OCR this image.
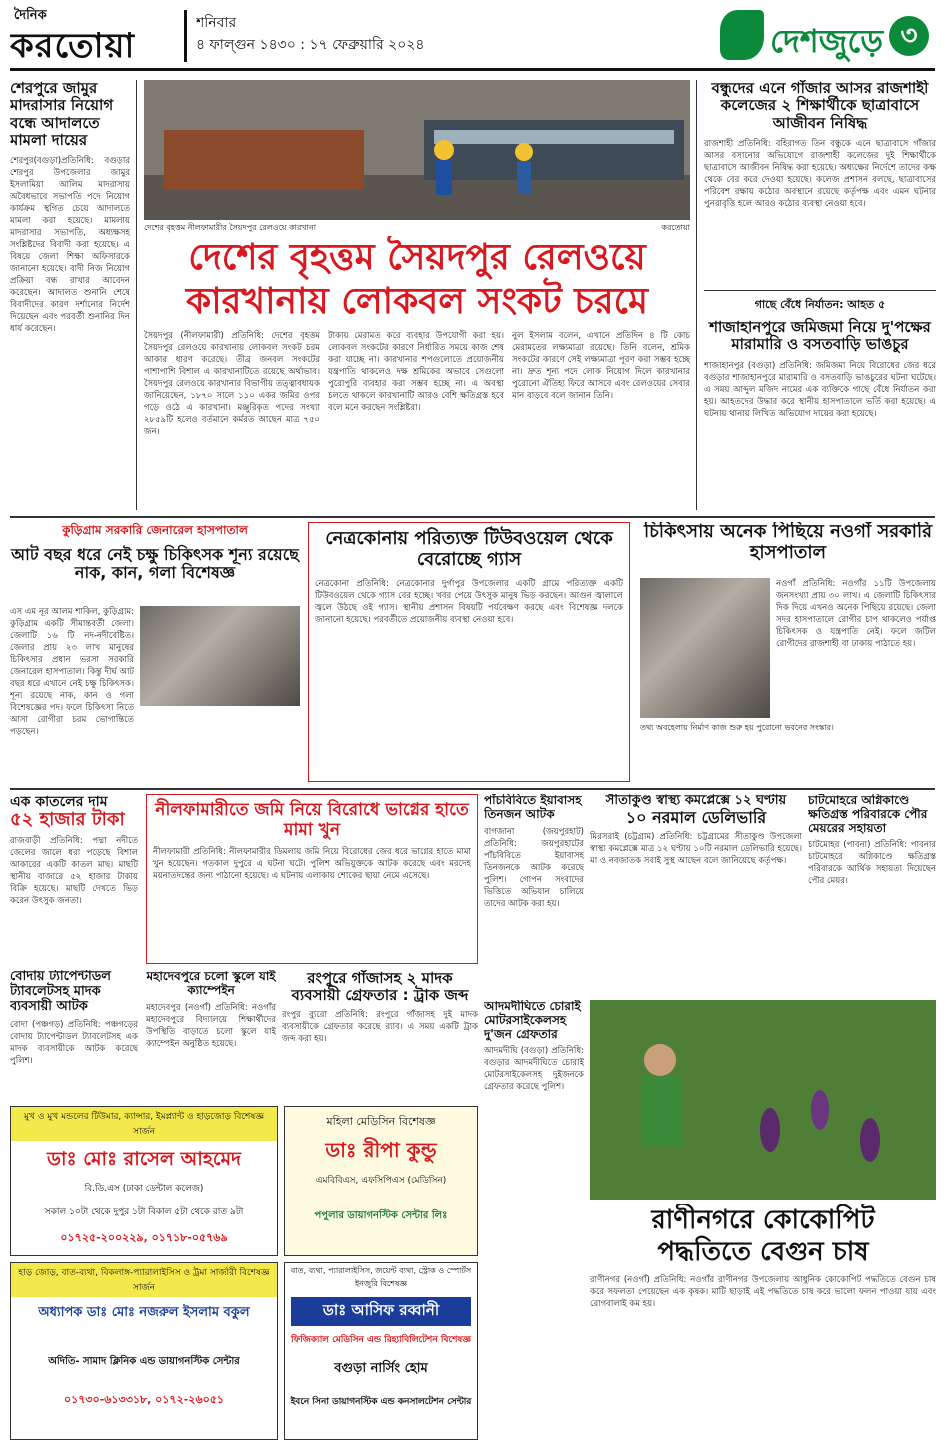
দৈনিক
করতোয়া
শনিবার
৪ ফাল্গুন ১৪৩০ : ১৭ ফেব্রুয়ারি ২০২৪	দেশজুড়ে ৩
শেরপুরে জামুর মাদরাসার নিয়োগ বন্ধে আদালতে মামলা দায়ের
শেরপুর(বগুড়া)প্রতিনিধি: বগুড়ার শেরপুর উপজেলার জামুর ইসলামিয়া আলিম মাদরাসায় অবৈধভাবে সভাপতি পদে নিয়োগ কার্যক্রম স্থগিত চেয়ে আদালতে মামলা করা হয়েছে। মামলায় মাদরাসার সভাপতি, অধ্যক্ষসহ সংশ্লিষ্টদের বিবাদী করা হয়েছে। এ বিষয়ে জেলা শিক্ষা অফিসারকে জানানো হয়েছে। বাদী নিজ নিয়োগ প্রক্রিয়া বন্ধ রাখার আবেদন করেছেন। আদালত শুনানি শেষে বিবাদীদের কারণ দর্শানোর নির্দেশ দিয়েছেন এবং পরবর্তী শুনানির দিন ধার্য করেছেন।
দেশের বৃহত্তম নীলফামারীর সৈয়দপুর রেলওয়ে কারখানা	করতোয়া
দেশের বৃহত্তম সৈয়দপুর রেলওয়ে
কারখানায় লোকবল সংকট চরমে
সৈয়দপুর (নীলফামারী) প্রতিনিধি: দেশের বৃহত্তম সৈয়দপুর রেলওয়ে কারখানায় লোকবল সংকট চরম আকার ধারণ করেছে। তীব্র জনবল সংকটের পাশাপাশি বিশাল এ কারখানাটিতে রয়েছে অর্থাভাব। সৈয়দপুর রেলওয়ে কারখানার বিভাগীয় তত্ত্বাবধায়ক জানিয়েছেন, ১৮৭০ সালে ১১০ একর জমির ওপর গড়ে ওঠে এ কারখানা। মঞ্জুরিকৃত পদের সংখ্যা ২৮৫৯টি হলেও বর্তমানে কর্মরত আছেন মাত্র ৭৫০ জন।
টাকায় মেরামত করে ব্যবহার উপযোগী করা হয়। লোকবল সংকটের কারণে নির্ধারিত সময়ে কাজ শেষ করা যাচ্ছে না। কারখানার শপগুলোতে প্রয়োজনীয় যন্ত্রপাতি থাকলেও দক্ষ শ্রমিকের অভাবে সেগুলো পুরোপুরি ব্যবহার করা সম্ভব হচ্ছে না। এ অবস্থা চলতে থাকলে কারখানাটি আরও বেশি ক্ষতিগ্রস্ত হবে বলে মনে করছেন সংশ্লিষ্টরা।
নুল ইসলাম বলেন, এখানে প্রতিদিন ৪ টি কোচ মেরামতের লক্ষ্যমাত্রা রয়েছে। তিনি বলেন, শ্রমিক সংকটের কারণে সেই লক্ষ্যমাত্রা পূরণ করা সম্ভব হচ্ছে না। দ্রুত শূন্য পদে লোক নিয়োগ দিলে কারখানার পুরোনো ঐতিহ্য ফিরে আসবে এবং রেলওয়ের সেবার মান বাড়বে বলে জানান তিনি।
বন্ধুদের এনে গাঁজার আসর রাজশাহী কলেজের ২ শিক্ষার্থীকে ছাত্রাবাসে আজীবন নিষিদ্ধ
রাজশাহী প্রতিনিধি: বহিরাগত তিন বন্ধুকে এনে ছাত্রাবাসে গাঁজার আসর বসানোর অভিযোগে রাজশাহী কলেজের দুই শিক্ষার্থীকে ছাত্রাবাসে আজীবন নিষিদ্ধ করা হয়েছে। অধ্যক্ষের নির্দেশে তাদের কক্ষ থেকে বের করে দেওয়া হয়েছে। কলেজ প্রশাসন বলছে, ছাত্রাবাসের পরিবেশ রক্ষায় কঠোর অবস্থানে রয়েছে কর্তৃপক্ষ এবং এমন ঘটনার পুনরাবৃত্তি হলে আরও কঠোর ব্যবস্থা নেওয়া হবে।
গাছে বেঁধে নির্যাতন: আহত ৫
শাজাহানপুরে জমিজমা নিয়ে দু'পক্ষের মারামারি ও বসতবাড়ি ভাঙচুর
শাজাহানপুর (বগুড়া) প্রতিনিধি: জমিজমা নিয়ে বিরোধের জের ধরে বগুড়ার শাজাহানপুরে মারামারি ও বসতবাড়ি ভাঙচুরের ঘটনা ঘটেছে। এ সময় আব্দুল মজিদ নামের এক ব্যক্তিকে গাছে বেঁধে নির্যাতন করা হয়। আহতদের উদ্ধার করে স্থানীয় হাসপাতালে ভর্তি করা হয়েছে। এ ঘটনায় থানায় লিখিত অভিযোগ দায়ের করা হয়েছে।
কুড়িগ্রাম সরকারি জেনারেল হাসপাতাল
আট বছর ধরে নেই চক্ষু চিকিৎসক শূন্য রয়েছে নাক, কান, গলা বিশেষজ্ঞ
এস এম নূর আলম শাকিল, কুড়িগ্রাম: কুড়িগ্রাম একটি সীমান্তবর্তী জেলা। জেলাটি ১৬ টি নদ-নদীবেষ্টিত। জেলার প্রায় ২৩ লাখ মানুষের চিকিৎসার প্রধান ভরসা সরকারি জেনারেল হাসপাতাল। কিন্তু দীর্ঘ আট বছর ধরে এখানে নেই চক্ষু চিকিৎসক। শূন্য রয়েছে নাক, কান ও গলা বিশেষজ্ঞের পদ। ফলে চিকিৎসা নিতে আসা রোগীরা চরম ভোগান্তিতে পড়ছেন।
নেত্রকোনায় পরিত্যক্ত টিউবওয়েল থেকে বেরোচ্ছে গ্যাস
নেত্রকোনা প্রতিনিধি: নেত্রকোনার দুর্গাপুর উপজেলার একটি গ্রামে পরিত্যক্ত একটি টিউবওয়েল থেকে গ্যাস বের হচ্ছে। খবর পেয়ে উৎসুক মানুষ ভিড় করছেন। আগুন জ্বালালে জ্বলে উঠছে ওই গ্যাস। স্থানীয় প্রশাসন বিষয়টি পর্যবেক্ষণ করছে এবং বিশেষজ্ঞ দলকে জানানো হয়েছে। পরবর্তীতে প্রয়োজনীয় ব্যবস্থা নেওয়া হবে।
চিকিৎসায় অনেক পিছিয়ে নওগাঁ সরকারি হাসপাতাল
নওগাঁ প্রতিনিধি: নওগাঁর ১১টি উপজেলায় জনসংখ্যা প্রায় ৩০ লাখ। এ জেলাটি চিকিৎসার দিক দিয়ে এখনও অনেক পিছিয়ে রয়েছে। জেলা সদর হাসপাতালে রোগীর চাপ থাকলেও পর্যাপ্ত চিকিৎসক ও যন্ত্রপাতি নেই। ফলে জটিল রোগীদের রাজশাহী বা ঢাকায় পাঠাতে হয়।
তথ্য অবহেলায় নির্মাণ কাজ শুরু হয় পুরোনো ভবনের সংস্কার।
এক কাতলের দাম
৫২ হাজার টাকা
রাজবাড়ী প্রতিনিধি: পদ্মা নদীতে জেলের জালে ধরা পড়েছে বিশাল আকারের একটি কাতল মাছ। মাছটি স্থানীয় বাজারে ৫২ হাজার টাকায় বিক্রি হয়েছে। মাছটি দেখতে ভিড় করেন উৎসুক জনতা।
নীলফামারীতে জমি নিয়ে বিরোধে ভাগ্নের হাতে মামা খুন
নীলফামারী প্রতিনিধি: নীলফামারীর ডিমলায় জমি নিয়ে বিরোধের জের ধরে ভাগ্নের হাতে মামা খুন হয়েছেন। গতকাল দুপুরে এ ঘটনা ঘটে। পুলিশ অভিযুক্তকে আটক করেছে এবং মরদেহ ময়নাতদন্তের জন্য পাঠানো হয়েছে। এ ঘটনায় এলাকায় শোকের ছায়া নেমে এসেছে।
পাঁচবিবিতে ইয়াবাসহ তিনজন আটক
বাগজানা (জয়পুরহাট) প্রতিনিধি: জয়পুরহাটের পাঁচবিবিতে ইয়াবাসহ তিনজনকে আটক করেছে পুলিশ। গোপন সংবাদের ভিত্তিতে অভিযান চালিয়ে তাদের আটক করা হয়।
সীতাকুণ্ড স্বাস্থ্য কমপ্লেক্সে ১২ ঘণ্টায়
১০ নরমাল ডেলিভারি
মিরসরাই (চট্টগ্রাম) প্রতিনিধি: চট্টগ্রামের সীতাকুণ্ড উপজেলা স্বাস্থ্য কমপ্লেক্সে মাত্র ১২ ঘণ্টায় ১০টি নরমাল ডেলিভারি হয়েছে। মা ও নবজাতক সবাই সুস্থ আছেন বলে জানিয়েছে কর্তৃপক্ষ।
চাটমোহরে অগ্নিকাণ্ডে ক্ষতিগ্রস্ত পরিবারকে পৌর মেয়রের সহায়তা
চাটমোহর (পাবনা) প্রতিনিধি: পাবনার চাটমোহরে অগ্নিকাণ্ডে ক্ষতিগ্রস্ত পরিবারকে আর্থিক সহায়তা দিয়েছেন পৌর মেয়র।
বোদায় ট্যাপেন্টাডল ট্যাবলেটসহ মাদক ব্যবসায়ী আটক
বোদা (পঞ্চগড়) প্রতিনিধি: পঞ্চগড়ের বোদায় ট্যাপেন্টাডল ট্যাবলেটসহ এক মাদক ব্যবসায়ীকে আটক করেছে পুলিশ।
মহাদেবপুরে চলো স্কুলে যাই ক্যাম্পেইন
মহাদেবপুর (নওগাঁ) প্রতিনিধি: নওগাঁর মহাদেবপুরে বিদ্যালয়ে শিক্ষার্থীদের উপস্থিতি বাড়াতে চলো স্কুলে যাই ক্যাম্পেইন অনুষ্ঠিত হয়েছে।
রংপুরে গাঁজাসহ ২ মাদক ব্যবসায়ী গ্রেফতার : ট্রাক জব্দ
রংপুর ব্যুরো প্রতিনিধি: রংপুরে গাঁজাসহ দুই মাদক ব্যবসায়ীকে গ্রেফতার করেছে র‌্যাব। এ সময় একটি ট্রাক জব্দ করা হয়।
আদমদীঘিতে চোরাই মোটরসাইকেলসহ দু'জন গ্রেফতার
আদমদীঘি (বগুড়া) প্রতিনিধি: বগুড়ার আদমদীঘিতে চোরাই মোটরসাইকেলসহ দুইজনকে গ্রেফতার করেছে পুলিশ।
রাণীনগরে কোকোপিট
পদ্ধতিতে বেগুন চাষ
রাণীনগর (নওগাঁ) প্রতিনিধি: নওগাঁর রাণীনগর উপজেলায় আধুনিক কোকোপিট পদ্ধতিতে বেগুন চাষ করে সফলতা পেয়েছেন এক কৃষক। মাটি ছাড়াই এই পদ্ধতিতে চাষ করে ভালো ফলন পাওয়া যায় এবং রোগবালাই কম হয়।
মুখ ও মুখ মন্ডলের টিউমার, ক্যান্সার, ইমপ্ল্যান্ট ও হাড়জোড় বিশেষজ্ঞ সার্জন
ডাঃ মোঃ রাসেল আহমেদ
বি.ডি.এস (ঢাকা ডেন্টাল কলেজ)
সকাল ১০টা থেকে দুপুর ১টা বিকাল ৫টা থেকে রাত ৯টা
০১৭২৫-২০০২২৯, ০১৭১৮-০৫৭৬৯
হাড় জোড়, বাত-ব্যথা, বিকলাঙ্গ-প্যারালাইসিস ও ট্রমা সার্জারী বিশেষজ্ঞ সার্জন
অধ্যাপক ডাঃ মোঃ নজরুল ইসলাম বকুল
অদিতি- সামাদ ক্লিনিক এন্ড ডায়াগনস্টিক সেন্টার
০১৭৩০-৬১৩৩১৮, ০১৭২-২৬০৫১
মহিলা মেডিসিন বিশেষজ্ঞ
ডাঃ রীপা কুন্ডু
এমবিবিএস, এফসিপিএস (মেডিসিন)
পপুলার ডায়াগনস্টিক সেন্টার লিঃ
বাত, ব্যথা, প্যারালাইসিস, জয়েন্ট ব্যথা, স্ট্রোক ও স্পোর্টস ইনজুরি বিশেষজ্ঞ
ডাঃ আসিফ রব্বানী
ফিজিক্যাল মেডিসিন এন্ড রিহ্যাবিলিটেশন বিশেষজ্ঞ
বগুড়া নার্সিং হোম
ইবনে সিনা ডায়াগনস্টিক এন্ড কনসালটেশন সেন্টার
